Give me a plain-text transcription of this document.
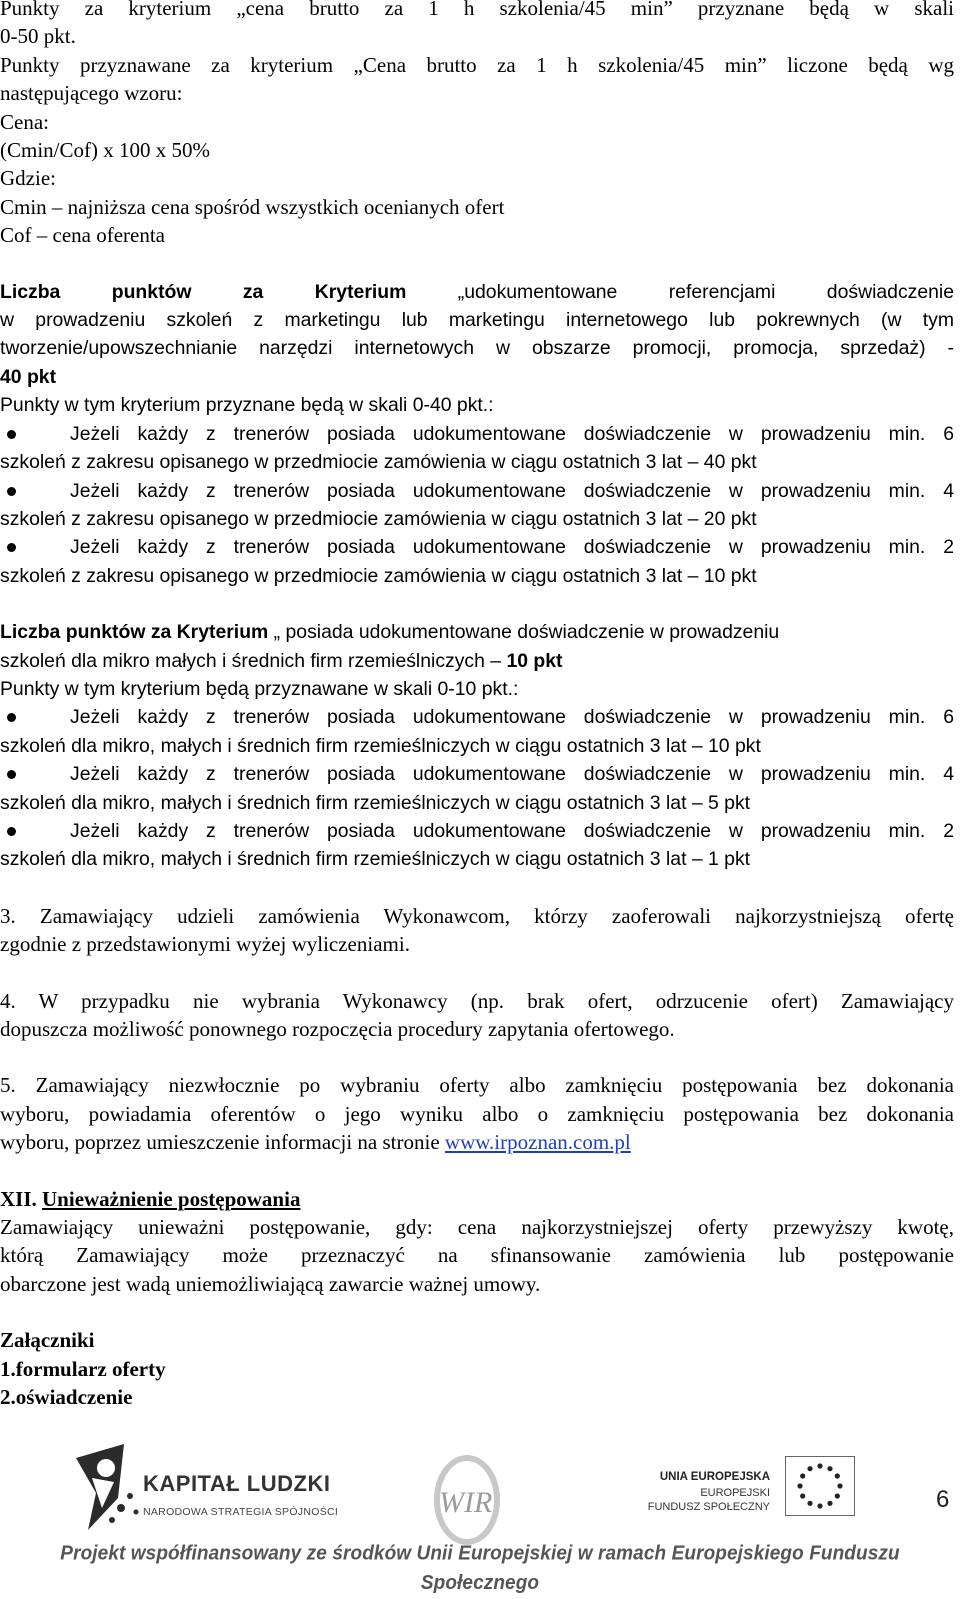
Punkty za kryterium „cena brutto za 1 h szkolenia/45 min” przyznane będą w skali

0-50 pkt.

Punkty przyznawane za kryterium „Cena brutto za 1 h szkolenia/45 min” liczone będą wg

następującego wzoru:

Cena:

(Cmin/Cof) x 100 x 50%

Gdzie:

Cmin – najniższa cena spośród wszystkich ocenianych ofert

Cof – cena oferenta

Liczba punktów za Kryterium	„udokumentowane referencjami doświadczenie

w prowadzeniu szkoleń z marketingu lub marketingu internetowego lub pokrewnych (w tym

tworzenie/upowszechnianie narzędzi internetowych w obszarze promocji, promocja, sprzedaż) -

40 pkt

Punkty w tym kryterium przyznane będą w skali 0-40 pkt.:

Jeżeli każdy z trenerów posiada udokumentowane doświadczenie w prowadzeniu min. 6

szkoleń z zakresu opisanego w przedmiocie zamówienia w ciągu ostatnich 3 lat – 40 pkt

Jeżeli każdy z trenerów posiada udokumentowane doświadczenie w prowadzeniu min. 4

szkoleń z zakresu opisanego w przedmiocie zamówienia w ciągu ostatnich 3 lat – 20 pkt

Jeżeli każdy z trenerów posiada udokumentowane doświadczenie w prowadzeniu min. 2

szkoleń z zakresu opisanego w przedmiocie zamówienia w ciągu ostatnich 3 lat – 10 pkt

Liczba punktów za Kryterium „ posiada udokumentowane doświadczenie w prowadzeniu

szkoleń dla mikro małych i średnich firm rzemieślniczych – 10 pkt

Punkty w tym kryterium będą przyznawane w skali 0-10 pkt.:

Jeżeli każdy z trenerów posiada udokumentowane doświadczenie w prowadzeniu min. 6

szkoleń dla mikro, małych i średnich firm rzemieślniczych w ciągu ostatnich 3 lat – 10 pkt

Jeżeli każdy z trenerów posiada udokumentowane doświadczenie w prowadzeniu min. 4

szkoleń dla mikro, małych i średnich firm rzemieślniczych w ciągu ostatnich 3 lat – 5 pkt

Jeżeli każdy z trenerów posiada udokumentowane doświadczenie w prowadzeniu min. 2

szkoleń dla mikro, małych i średnich firm rzemieślniczych w ciągu ostatnich 3 lat – 1 pkt

3. Zamawiający udzieli zamówienia Wykonawcom, którzy zaoferowali najkorzystniejszą ofertę

zgodnie z przedstawionymi wyżej wyliczeniami.

4. W przypadku nie wybrania Wykonawcy (np. brak ofert, odrzucenie ofert) Zamawiający

dopuszcza możliwość ponownego rozpoczęcia procedury zapytania ofertowego.

5. Zamawiający niezwłocznie po wybraniu oferty albo zamknięciu postępowania bez dokonania

wyboru, powiadamia oferentów o jego wyniku albo o zamknięciu postępowania bez dokonania

wyboru, poprzez umieszczenie informacji na stronie www.irpoznan.com.pl

XII. Unieważnienie postępowania

Zamawiający unieważni postępowanie, gdy: cena najkorzystniejszej oferty przewyższy kwotę,

którą Zamawiający może przeznaczyć na sfinansowanie zamówienia lub postępowanie

obarczone jest wadą uniemożliwiającą zawarcie ważnej umowy.

Załączniki

1.formularz oferty

2.oświadczenie

KAPITAŁ LUDZKI
NARODOWA STRATEGIA SPÓJNOŚCI	WIR
UNIA EUROPEJSKA
EUROPEJSKI
FUNDUSZ SPOŁECZNY	6
Projekt współfinansowany ze środków Unii Europejskiej w ramach Europejskiego Funduszu Społecznego
